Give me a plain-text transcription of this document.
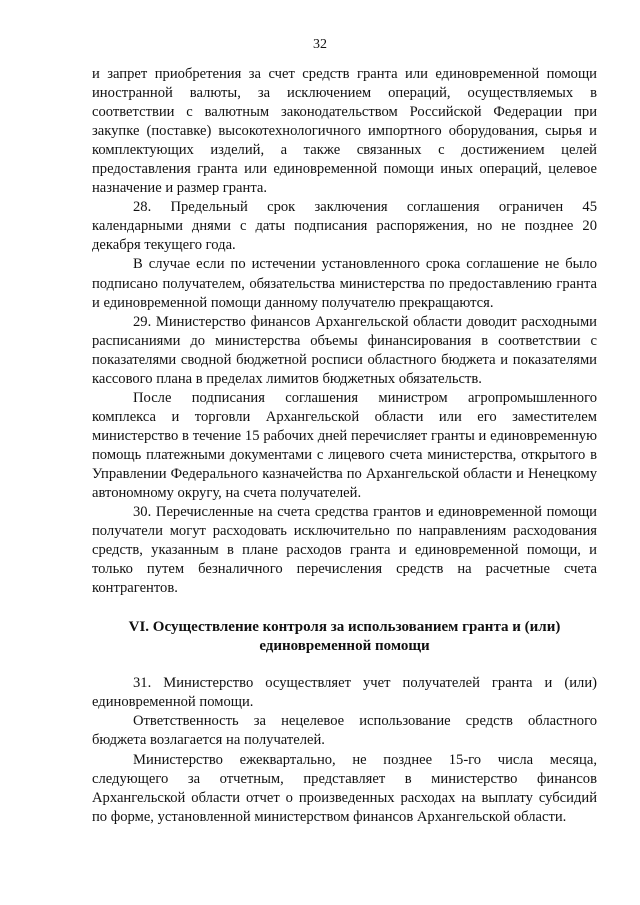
32

и запрет приобретения за счет средств гранта или единовременной помощи иностранной валюты, за исключением операций, осуществляемых в соответствии с валютным законодательством Российской Федерации при закупке (поставке) высокотехнологичного импортного оборудования, сырья и комплектующих изделий, а также связанных с достижением целей предоставления гранта или единовременной помощи иных операций, целевое назначение и размер гранта.

28. Предельный срок заключения соглашения ограничен 45 календарными днями с даты подписания распоряжения, но не позднее 20 декабря текущего года.

В случае если по истечении установленного срока соглашение не было подписано получателем, обязательства министерства по предоставлению гранта и единовременной помощи данному получателю прекращаются.

29. Министерство финансов Архангельской области доводит расходными расписаниями до министерства объемы финансирования в соответствии с показателями сводной бюджетной росписи областного бюджета и показателями кассового плана в пределах лимитов бюджетных обязательств.

После подписания соглашения министром агропромышленного комплекса и торговли Архангельской области или его заместителем министерство в течение 15 рабочих дней перечисляет гранты и единовременную помощь платежными документами с лицевого счета министерства, открытого в Управлении Федерального казначейства по Архангельской области и Ненецкому автономному округу, на счета получателей.

30. Перечисленные на счета средства грантов и единовременной помощи получатели могут расходовать исключительно по направлениям расходования средств, указанным в плане расходов гранта и единовременной помощи, и только путем безналичного перечисления средств на расчетные счета контрагентов.

VI. Осуществление контроля за использованием гранта и (или)
единовременной помощи

31. Министерство осуществляет учет получателей гранта и (или) единовременной помощи.

Ответственность за нецелевое использование средств областного бюджета возлагается на получателей.

Министерство ежеквартально, не позднее 15-го числа месяца, следующего за отчетным, представляет в министерство финансов Архангельской области отчет о произведенных расходах на выплату субсидий по форме, установленной министерством финансов Архангельской области.
